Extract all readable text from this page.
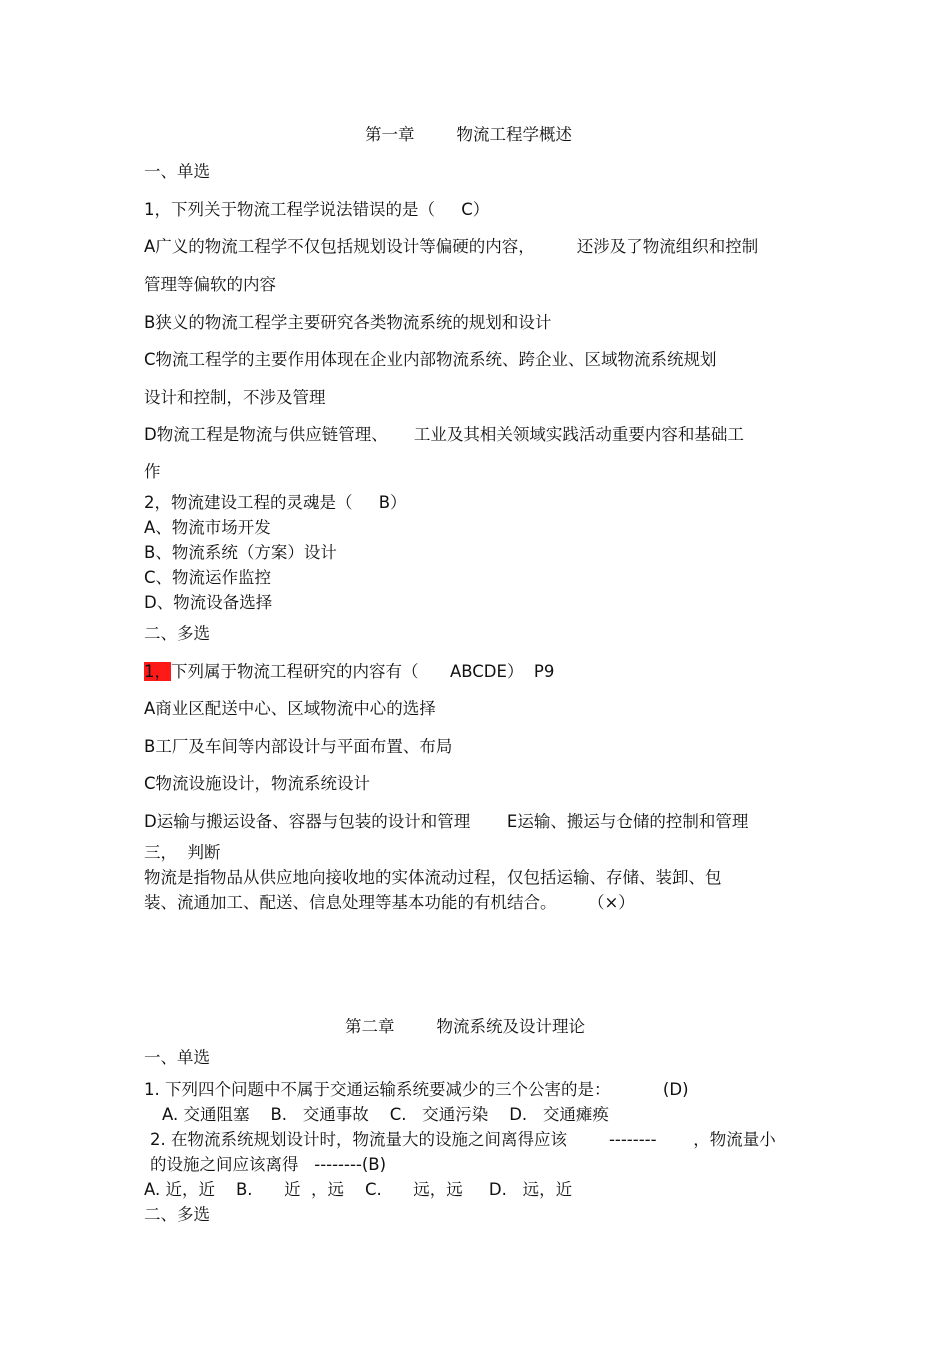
第一章        物流工程学概述
一、单选
1，下列关于物流工程学说法错误的是（     C）
A广义的物流工程学不仅包括规划设计等偏硬的内容，        还涉及了物流组织和控制
管理等偏软的内容
B狭义的物流工程学主要研究各类物流系统的规划和设计
C物流工程学的主要作用体现在企业内部物流系统、跨企业、区域物流系统规划
设计和控制，不涉及管理
D物流工程是物流与供应链管理、     工业及其相关领域实践活动重要内容和基础工
作
2，物流建设工程的灵魂是（     B）
A、物流市场开发
B、物流系统（方案）设计
C、物流运作监控
D、物流设备选择
二、多选
1，下列属于物流工程研究的内容有（      ABCDE）  P9
A商业区配送中心、区域物流中心的选择
B工厂及车间等内部设计与平面布置、布局
C物流设施设计，物流系统设计
D运输与搬运设备、容器与包装的设计和管理       E运输、搬运与仓储的控制和管理
三，  判断
物流是指物品从供应地向接收地的实体流动过程，仅包括运输、存储、装卸、包
装、流通加工、配送、信息处理等基本功能的有机结合。      （×）
第二章        物流系统及设计理论
一、单选
1. 下列四个问题中不属于交通运输系统要减少的三个公害的是：          (D)
A. 交通阻塞    B.   交通事故    C.   交通污染    D.   交通瘫痪
2. 在物流系统规划设计时，物流量大的设施之间离得应该        --------       ，物流量小
的设施之间应该离得   --------(B)
A. 近，近    B.      近  ，远    C.      远，远     D.   远，近
二、多选
